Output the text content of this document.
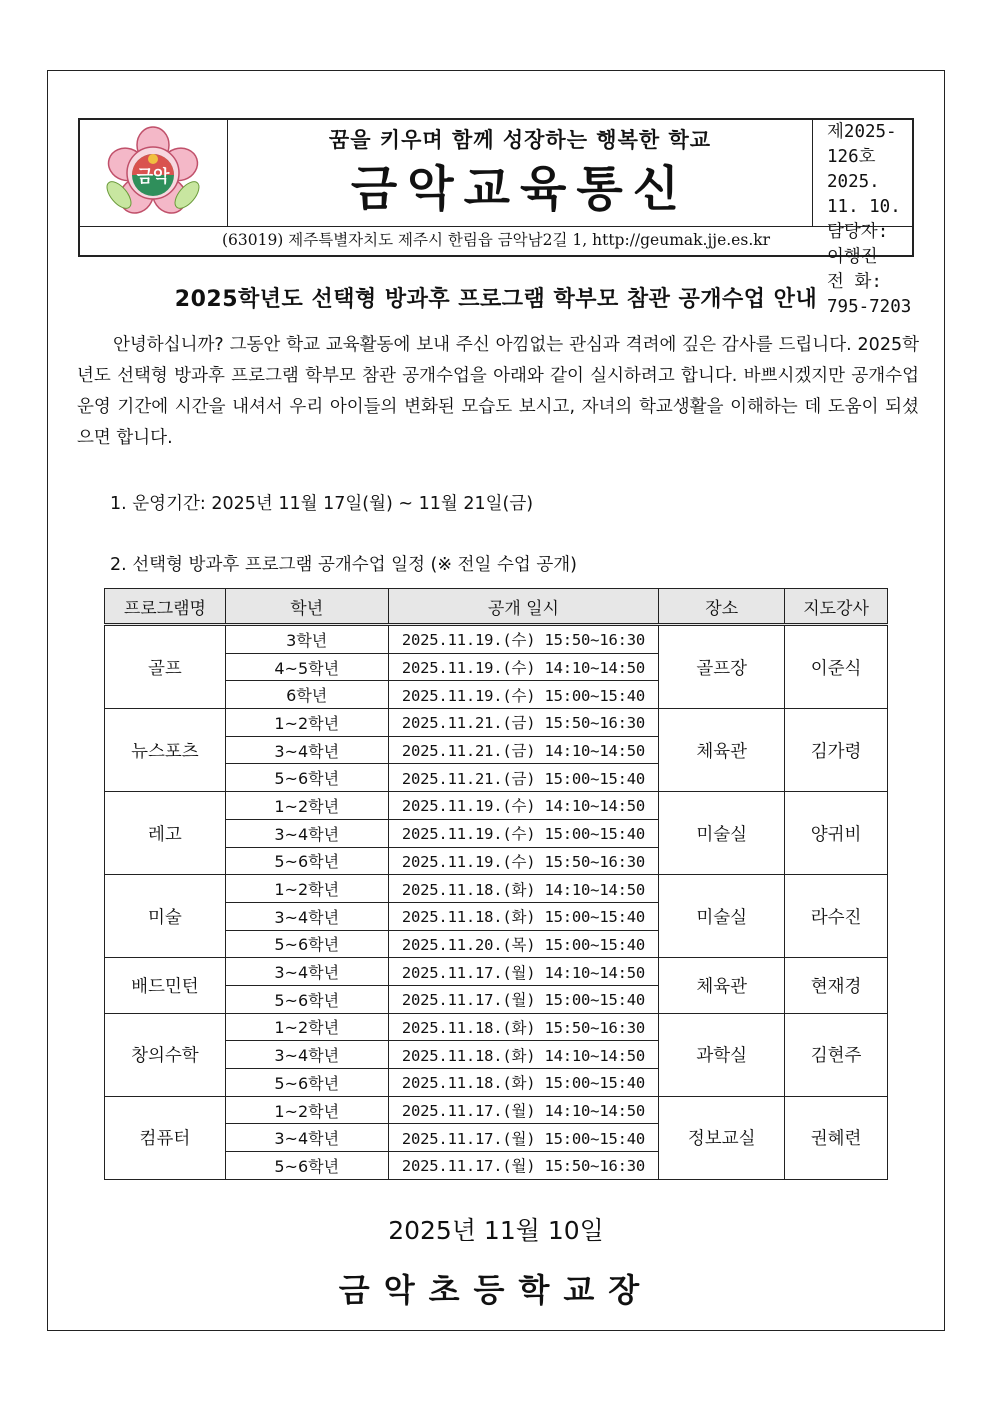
금악
꿈을 키우며 함께 성장하는 행복한 학교
금악교육통신
제2025-126호
2025. 11. 10.
담당자: 이행진
전 화: 795-7203
(63019) 제주특별자치도 제주시 한림읍 금악남2길 1, http://geumak.jje.es.kr
2025학년도 선택형 방과후 프로그램 학부모 참관 공개수업 안내

안녕하십니까? 그동안 학교 교육활동에 보내 주신 아낌없는 관심과 격려에 깊은 감사를 드립니다. 2025학년도 선택형 방과후 프로그램 학부모 참관 공개수업을 아래와 같이 실시하려고 합니다. 바쁘시겠지만 공개수업 운영 기간에 시간을 내셔서 우리 아이들의 변화된 모습도 보시고, 자녀의 학교생활을 이해하는 데 도움이 되셨으면 합니다.

1. 운영기간: 2025년 11월 17일(월) ~ 11월 21일(금)
2. 선택형 방과후 프로그램 공개수업 일정 (※ 전일 수업 공개)
프로그램명	학년	공개 일시	장소	지도강사
골프	3학년	2025.11.19.(수) 15:50~16:30	골프장	이준식
	4~5학년	2025.11.19.(수) 14:10~14:50		
	6학년	2025.11.19.(수) 15:00~15:40		
뉴스포츠	1~2학년	2025.11.21.(금) 15:50~16:30	체육관	김가령
	3~4학년	2025.11.21.(금) 14:10~14:50		
	5~6학년	2025.11.21.(금) 15:00~15:40		
레고	1~2학년	2025.11.19.(수) 14:10~14:50	미술실	양귀비
	3~4학년	2025.11.19.(수) 15:00~15:40		
	5~6학년	2025.11.19.(수) 15:50~16:30		
미술	1~2학년	2025.11.18.(화) 14:10~14:50	미술실	라수진
	3~4학년	2025.11.18.(화) 15:00~15:40		
	5~6학년	2025.11.20.(목) 15:00~15:40		
배드민턴	3~4학년	2025.11.17.(월) 14:10~14:50	체육관	현재경
	5~6학년	2025.11.17.(월) 15:00~15:40		
창의수학	1~2학년	2025.11.18.(화) 15:50~16:30	과학실	김현주
	3~4학년	2025.11.18.(화) 14:10~14:50		
	5~6학년	2025.11.18.(화) 15:00~15:40		
컴퓨터	1~2학년	2025.11.17.(월) 14:10~14:50	정보교실	권혜련
	3~4학년	2025.11.17.(월) 15:00~15:40		
	5~6학년	2025.11.17.(월) 15:50~16:30		
2025년 11월 10일
금악초등학교장
